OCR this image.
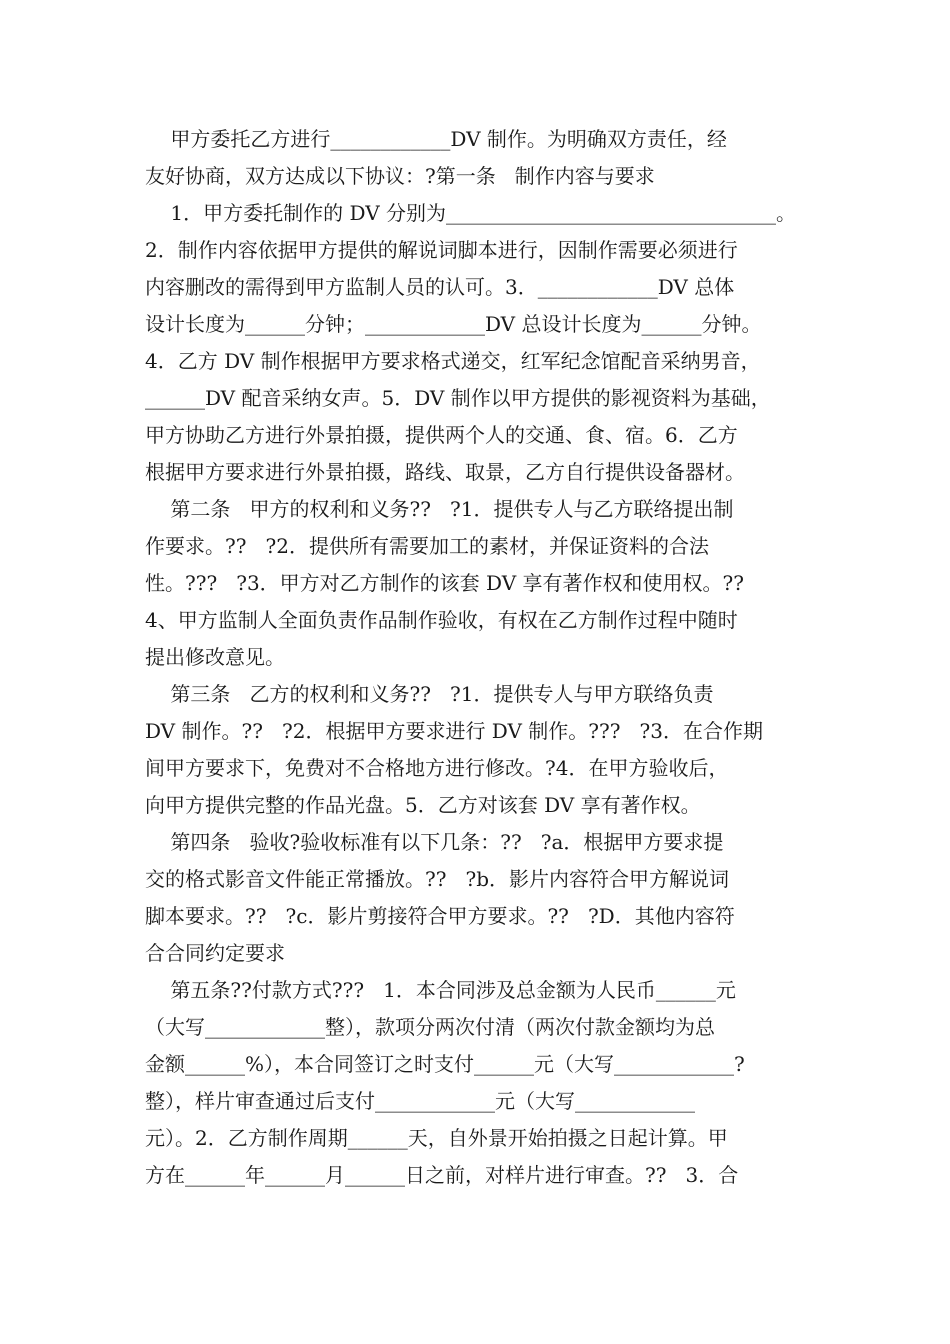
甲方委托乙方进行____________DV 制作。为明确双方责任，经
友好协商，双方达成以下协议：?第一条   制作内容与要求
1．甲方委托制作的 DV 分别为_________________________________。
2．制作内容依据甲方提供的解说词脚本进行，因制作需要必须进行
内容删改的需得到甲方监制人员的认可。3．____________DV 总体
设计长度为______分钟；____________DV 总设计长度为______分钟。
4．乙方 DV 制作根据甲方要求格式递交，红军纪念馆配音采纳男音，
______DV 配音采纳女声。5．DV 制作以甲方提供的影视资料为基础，
甲方协助乙方进行外景拍摄，提供两个人的交通、食、宿。6．乙方
根据甲方要求进行外景拍摄，路线、取景，乙方自行提供设备器材。
第二条   甲方的权利和义务??   ?1．提供专人与乙方联络提出制
作要求。??   ?2．提供所有需要加工的素材，并保证资料的合法
性。???   ?3．甲方对乙方制作的该套 DV 享有著作权和使用权。??
4、甲方监制人全面负责作品制作验收，有权在乙方制作过程中随时
提出修改意见。
第三条   乙方的权利和义务??   ?1．提供专人与甲方联络负责
DV 制作。??   ?2．根据甲方要求进行 DV 制作。???   ?3．在合作期
间甲方要求下，免费对不合格地方进行修改。?4．在甲方验收后，
向甲方提供完整的作品光盘。5．乙方对该套 DV 享有著作权。
第四条   验收?验收标准有以下几条：??   ?a．根据甲方要求提
交的格式影音文件能正常播放。??   ?b．影片内容符合甲方解说词
脚本要求。??   ?c．影片剪接符合甲方要求。??   ?D．其他内容符
合合同约定要求
第五条??付款方式???   1．本合同涉及总金额为人民币______元
（大写____________整），款项分两次付清（两次付款金额均为总
金额______%），本合同签订之时支付______元（大写____________?
整），样片审查通过后支付____________元（大写____________
元）。2．乙方制作周期______天，自外景开始拍摄之日起计算。甲
方在______年______月______日之前，对样片进行审查。??   3．合
